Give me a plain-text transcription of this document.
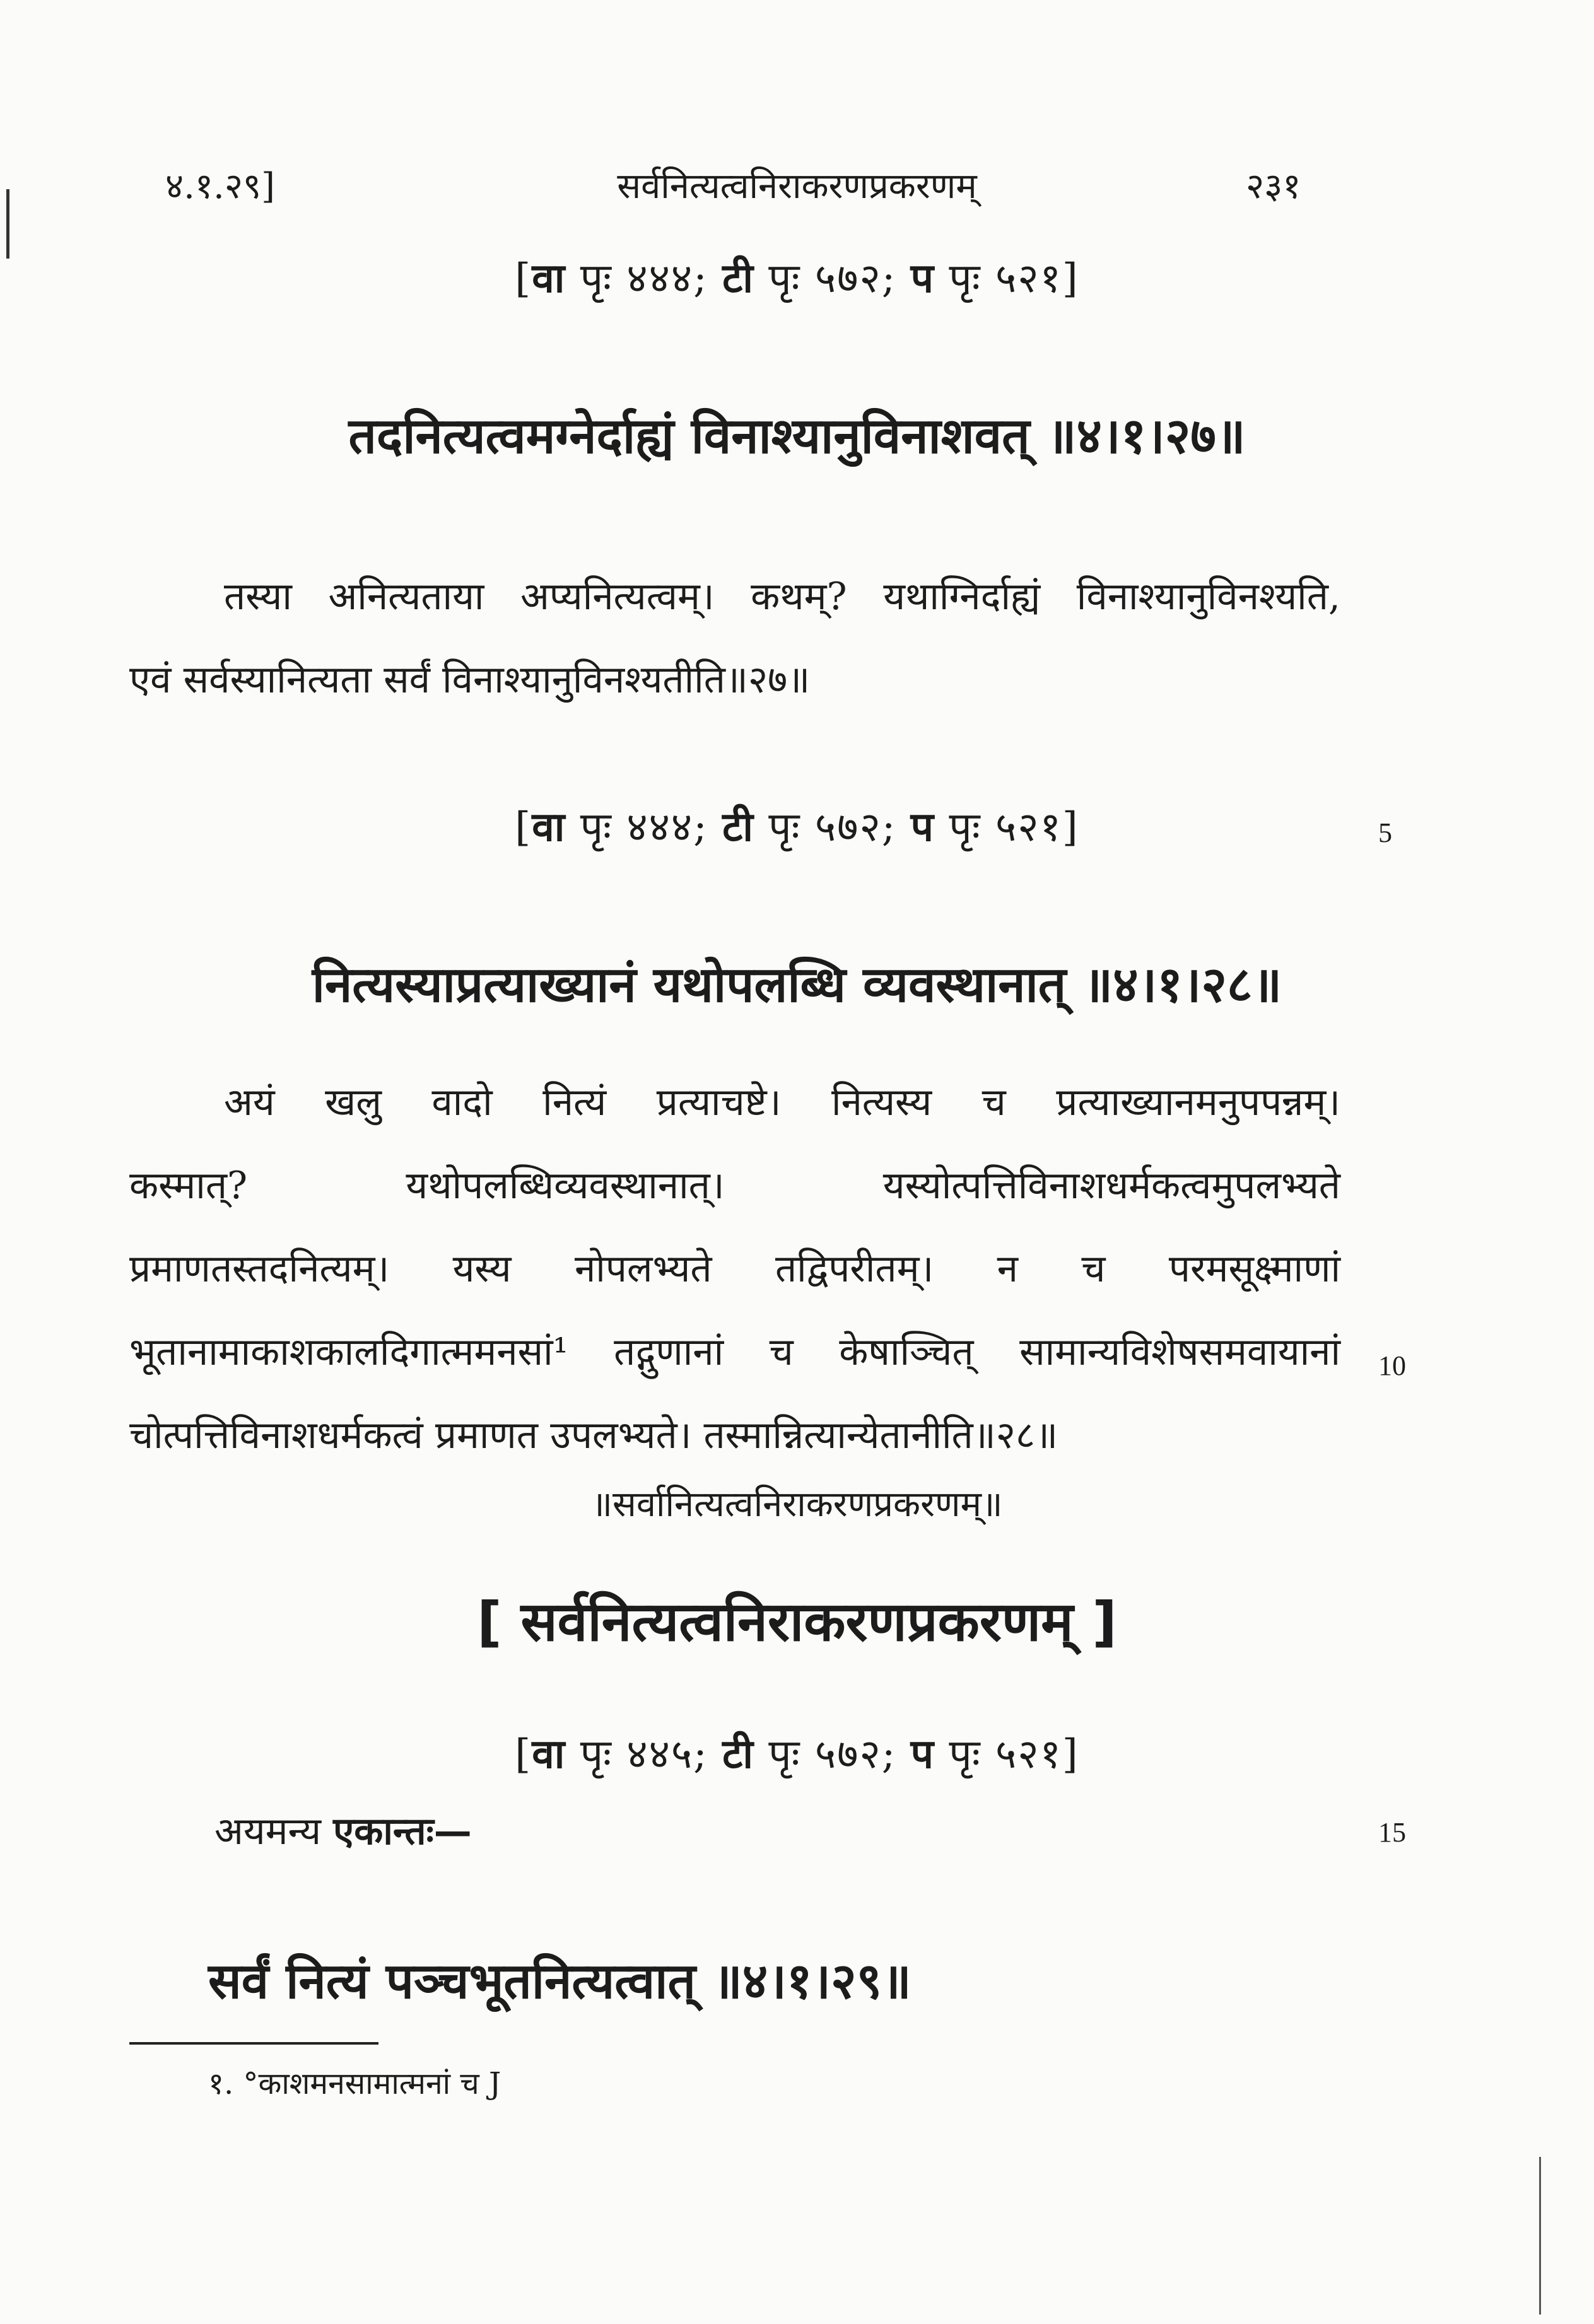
४.१.२९]	सर्वनित्यत्वनिराकरणप्रकरणम्	२३१
[वा पृः ४४४; टी पृः ५७२; प पृः ५२१]
तदनित्यत्वमग्नेर्दाह्यं विनाश्यानुविनाशवत् ॥४।१।२७॥
तस्या अनित्यताया अप्यनित्यत्वम्। कथम्? यथाग्निर्दाह्यं विनाश्यानुविनश्यति,
एवं सर्वस्यानित्यता सर्वं विनाश्यानुविनश्यतीति॥२७॥
[वा पृः ४४४; टी पृः ५७२; प पृः ५२१]	5
नित्यस्याप्रत्याख्यानं यथोपलब्धि व्यवस्थानात् ॥४।१।२८॥
अयं खलु वादो नित्यं प्रत्याचष्टे। नित्यस्य च प्रत्याख्यानमनुपपन्नम्।
कस्मात्? यथोपलब्धिव्यवस्थानात्। यस्योत्पत्तिविनाशधर्मकत्वमुपलभ्यते
प्रमाणतस्तदनित्यम्। यस्य नोपलभ्यते तद्विपरीतम्। न च परमसूक्ष्माणां
भूतानामाकाशकालदिगात्ममनसां¹ तद्गुणानां च केषाञ्चित् सामान्यविशेषसमवायानां
चोत्पत्तिविनाशधर्मकत्वं प्रमाणत उपलभ्यते। तस्मान्नित्यान्येतानीति॥२८॥
10
॥सर्वानित्यत्वनिराकरणप्रकरणम्॥
[ सर्वनित्यत्वनिराकरणप्रकरणम् ]
[वा पृः ४४५; टी पृः ५७२; प पृः ५२१]
अयमन्य एकान्तः—	15
सर्वं नित्यं पञ्चभूतनित्यत्वात् ॥४।१।२९॥
१. °काशमनसामात्मनां च J
